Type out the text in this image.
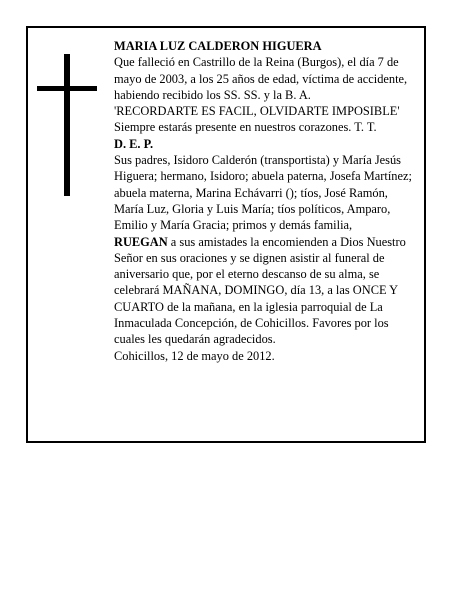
MARIA LUZ CALDERON HIGUERA

Que falleció en Castrillo de la Reina (Burgos), el día 7 de mayo de 2003, a los 25 años de edad, víctima de accidente, habiendo recibido los SS. SS. y la B. A.

'RECORDARTE ES FACIL, OLVIDARTE IMPOSIBLE'

Siempre estarás presente en nuestros corazones. T. T.

D. E. P.

Sus padres, Isidoro Calderón (transportista) y María Jesús Higuera; hermano, Isidoro; abuela paterna, Josefa Martínez; abuela materna, Marina Echávarri (); tíos, José Ramón, María Luz, Gloria y Luis María; tíos políticos, Amparo, Emilio y María Gracia; primos y demás familia,

RUEGAN a sus amistades la encomienden a Dios Nuestro Señor en sus oraciones y se dignen asistir al funeral de aniversario que, por el eterno descanso de su alma, se celebrará MAÑANA, DOMINGO, día 13, a las ONCE Y CUARTO de la mañana, en la iglesia parroquial de La Inmaculada Concepción, de Cohicillos. Favores por los cuales les quedarán agradecidos.

Cohicillos, 12 de mayo de 2012.
